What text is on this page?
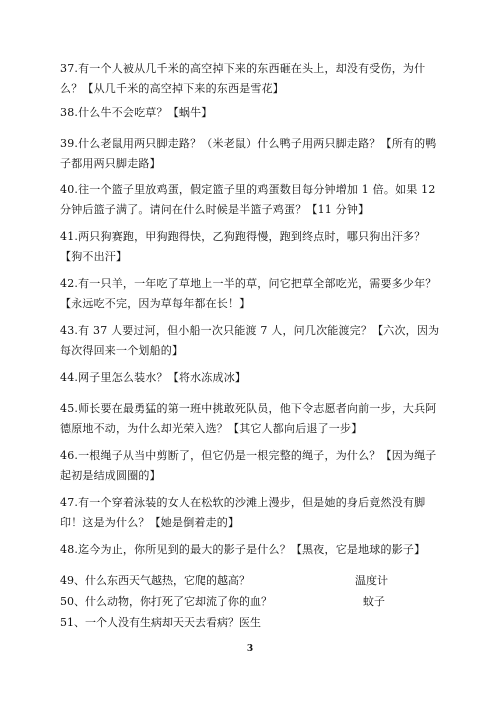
37.有一个人被从几千米的高空掉下来的东西砸在头上，却没有受伤，为什么？【从几千米的高空掉下来的东西是雪花】
38.什么牛不会吃草？【蜗牛】
39.什么老鼠用两只脚走路？（米老鼠）什么鸭子用两只脚走路？【所有的鸭子都用两只脚走路】
40.往一个篮子里放鸡蛋，假定篮子里的鸡蛋数目每分钟增加 1 倍。如果 12 分钟后篮子满了。请问在什么时候是半篮子鸡蛋？【11 分钟】
41.两只狗赛跑，甲狗跑得快，乙狗跑得慢，跑到终点时，哪只狗出汗多？【狗不出汗】
42.有一只羊，一年吃了草地上一半的草，问它把草全部吃光，需要多少年？【永远吃不完，因为草每年都在长！】
43.有 37 人要过河，但小船一次只能渡 7 人，问几次能渡完？【六次，因为每次得回来一个划船的】
44.网子里怎么装水？【将水冻成冰】
45.师长要在最勇猛的第一班中挑敢死队员，他下令志愿者向前一步，大兵阿德原地不动，为什么却光荣入选？【其它人都向后退了一步】
46.一根绳子从当中剪断了，但它仍是一根完整的绳子，为什么？【因为绳子起初是结成圆圈的】
47.有一个穿着泳装的女人在松软的沙滩上漫步，但是她的身后竟然没有脚印！这是为什么？【她是倒着走的】
48.迄今为止，你所见到的最大的影子是什么？【黑夜，它是地球的影子】
49、什么东西天气越热，它爬的越高？	温度计
50、什么动物，你打死了它却流了你的血？	蚊子
51、一个人没有生病却天天去看病？医生
3
